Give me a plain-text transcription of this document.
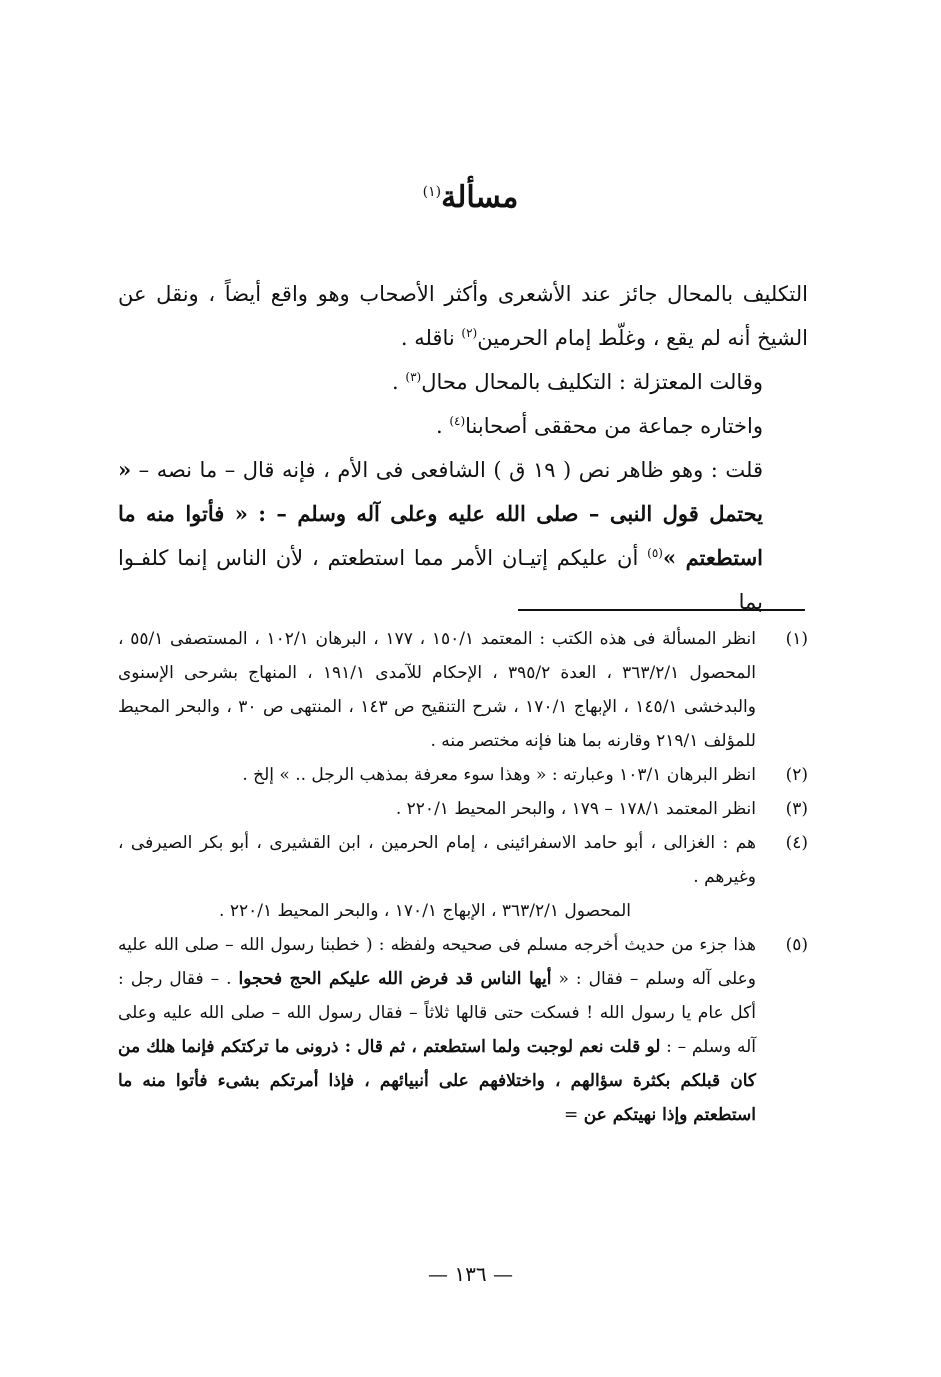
مسألة$^{(١)}$

التكليف بالمحال جائز عند الأشعرى وأكثر الأصحاب وهو واقع أيضاً ، ونقل عن الشيخ أنه لم يقع ، وغلّط إمام الحرمين$^{(٢)}$ ناقله .

وقالت المعتزلة : التكليف بالمحال محال$^{(٣)}$ .

واختاره جماعة من محققى أصحابنا$^{(٤)}$ .

قلت : وهو ظاهر نص ( ١٩ ق ) الشافعى فى الأم ، فإنه قال – ما نصه – « يحتمل قول النبى – صلى الله عليه وعلى آله وسلم – : « فأتوا منه ما استطعتم »$^{(٥)}$ أن عليكم إتيـان الأمر مما استطعتم ، لأن الناس إنما كلفـوا بما

(١)
انظر المسألة فى هذه الكتب : المعتمد ١٥٠/١ ، ١٧٧ ، البرهان ١٠٢/١ ، المستصفى ٥٥/١ ، المحصول ٣٦٣/٢/١ ، العدة ٣٩٥/٢ ، الإحكام للآمدى ١٩١/١ ، المنهاج بشرحى الإسنوى والبدخشى ١٤٥/١ ، الإبهاج ١٧٠/١ ، شرح التنقيح ص ١٤٣ ، المنتهى ص ٣٠ ، والبحر المحيط للمؤلف ٢١٩/١ وقارنه بما هنا فإنه مختصر منه .
(٢)
انظر البرهان ١٠٣/١ وعبارته : « وهذا سوء معرفة بمذهب الرجل .. » إلخ .
(٣)
انظر المعتمد ١٧٨/١ – ١٧٩ ، والبحر المحيط ٢٢٠/١ .
(٤)

هم : الغزالى ، أبو حامد الاسفرائينى ، إمام الحرمين ، ابن القشيرى ، أبو بكر الصيرفى ، وغيرهم .

المحصول ٣٦٣/٢/١ ، الإبهاج ١٧٠/١ ، والبحر المحيط ٢٢٠/١ .

(٥)
هذا جزء من حديث أخرجه مسلم فى صحيحه ولفظه : ( خطبنا رسول الله – صلى الله عليه وعلى آله وسلم – فقال : « أيها الناس قد فرض الله عليكم الحج فحجوا . – فقال رجل : أكل عام يا رسول الله ! فسكت حتى قالها ثلاثاً – فقال رسول الله – صلى الله عليه وعلى آله وسلم – : لو قلت نعم لوجبت ولما استطعتم ، ثم قال : ذرونى ما تركتكم فإنما هلك من كان قبلكم بكثرة سؤالهم ، واختلافهم على أنبيائهم ، فإذا أمرتكم بشىء فأتوا منه ما استطعتم وإذا نهيتكم عن =
— ١٣٦ —
